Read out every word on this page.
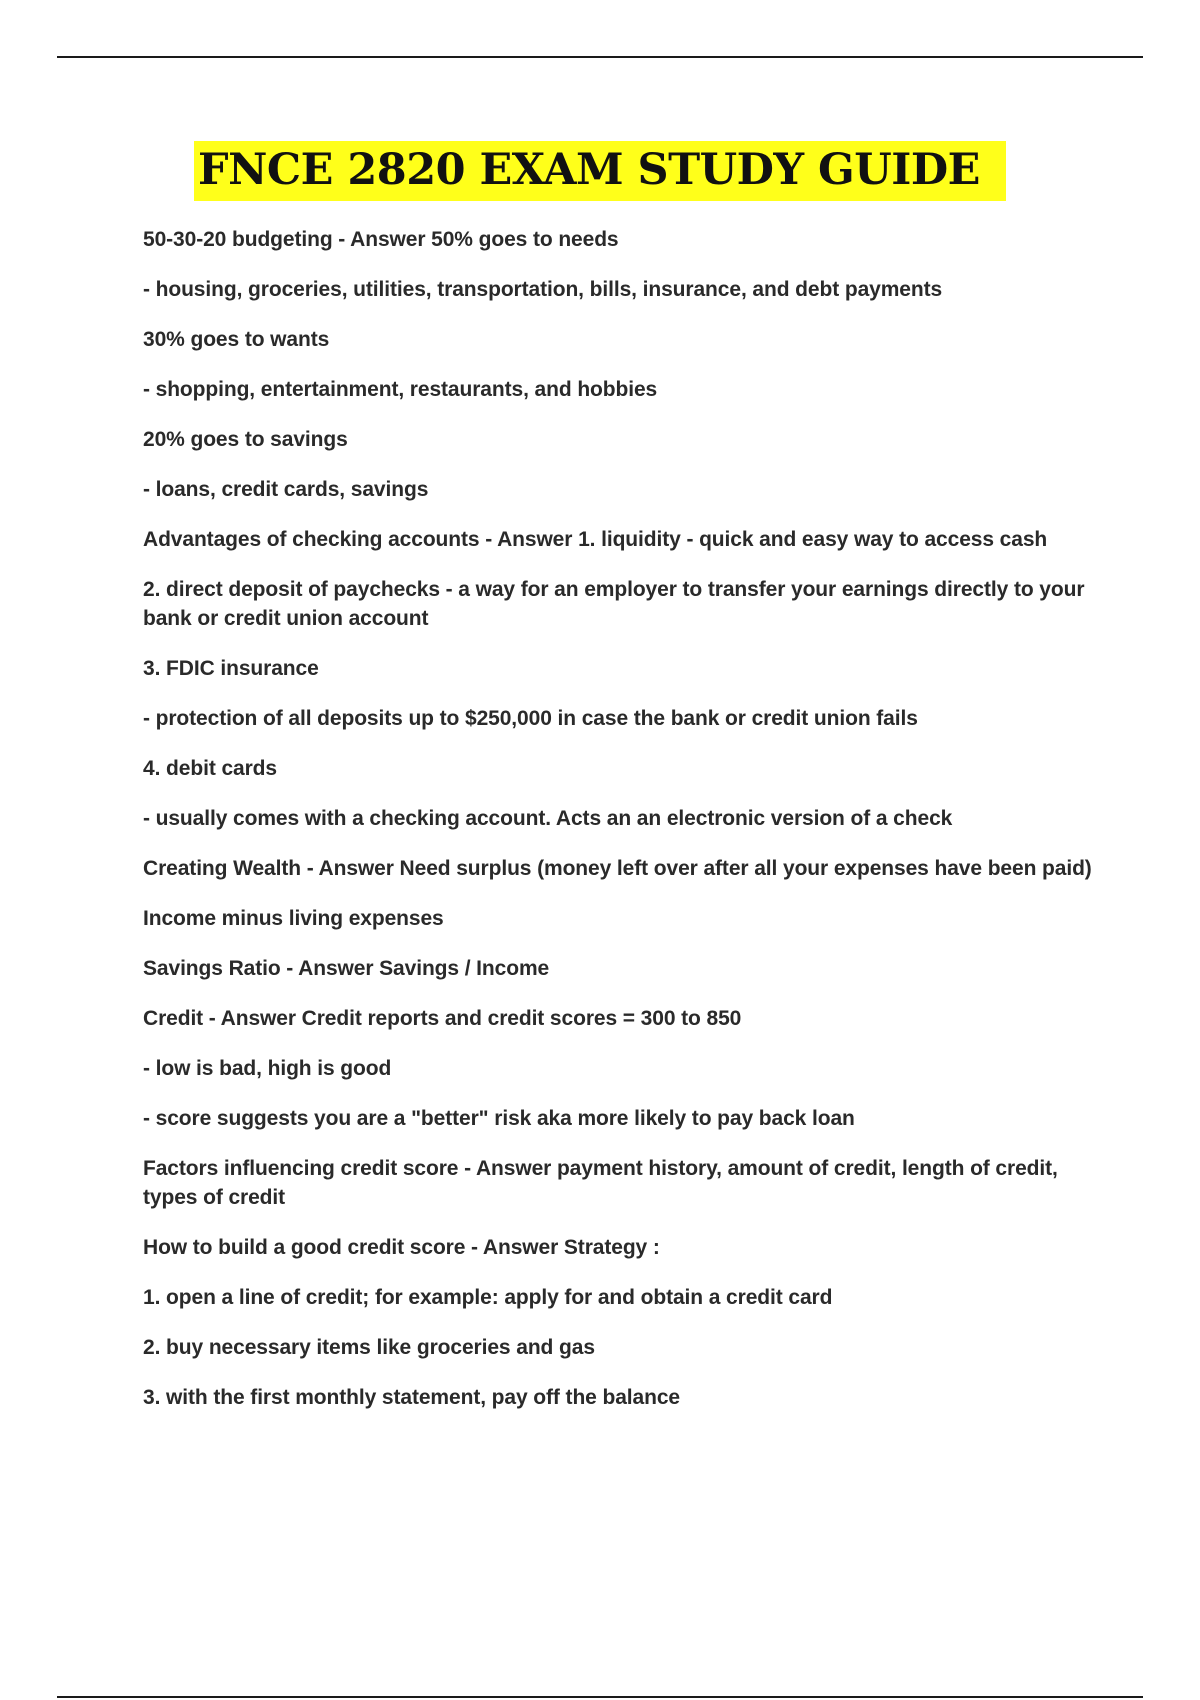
FNCE 2820 EXAM STUDY GUIDE

50-30-20 budgeting - Answer 50% goes to needs

- housing, groceries, utilities, transportation, bills, insurance, and debt payments

30% goes to wants

- shopping, entertainment, restaurants, and hobbies

20% goes to savings

- loans, credit cards, savings

Advantages of checking accounts - Answer 1. liquidity - quick and easy way to access cash

2. direct deposit of paychecks - a way for an employer to transfer your earnings directly to your bank or credit union account

3. FDIC insurance

- protection of all deposits up to $250,000 in case the bank or credit union fails

4. debit cards

- usually comes with a checking account. Acts an an electronic version of a check

Creating Wealth - Answer Need surplus (money left over after all your expenses have been paid)

Income minus living expenses

Savings Ratio - Answer Savings / Income

Credit - Answer Credit reports and credit scores = 300 to 850

- low is bad, high is good

- score suggests you are a "better" risk aka more likely to pay back loan

Factors influencing credit score - Answer payment history, amount of credit, length of credit, types of credit

How to build a good credit score - Answer Strategy :

1. open a line of credit; for example: apply for and obtain a credit card

2. buy necessary items like groceries and gas

3. with the first monthly statement, pay off the balance
